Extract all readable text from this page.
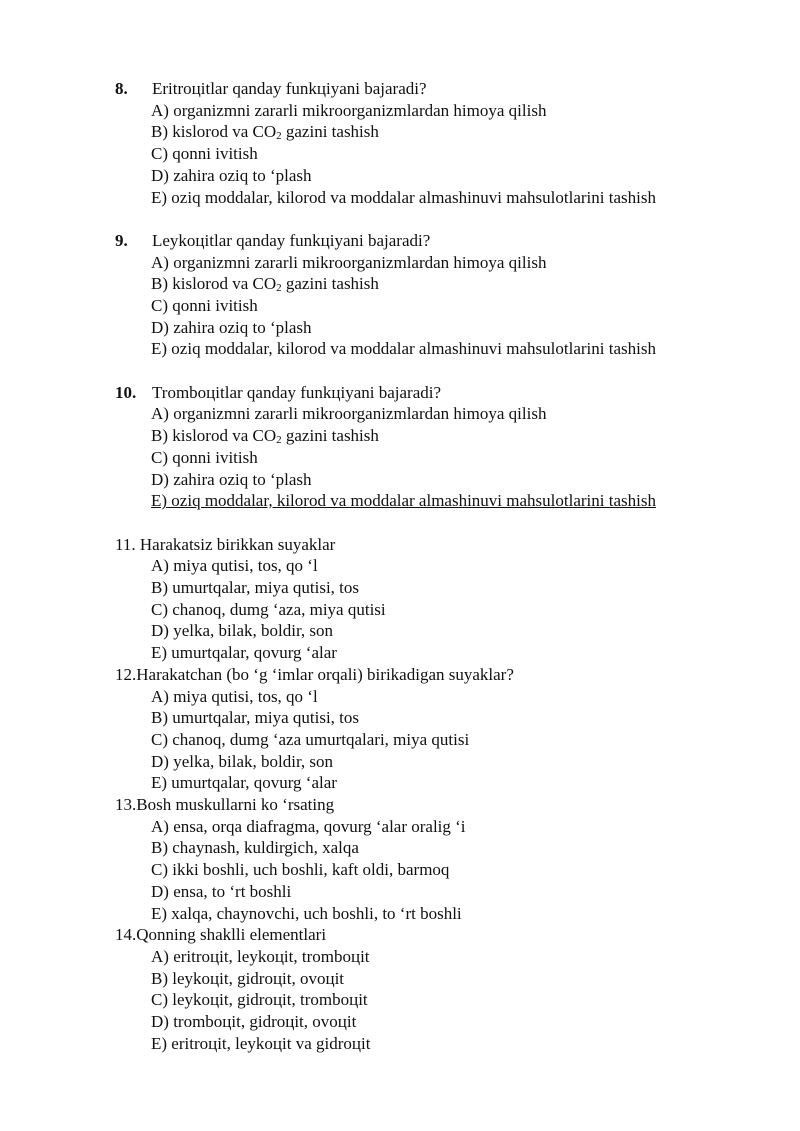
8. Eritroцitlar qanday funkцiyani bajaradi?
A) organizmni zararli mikroorganizmlardan himoya qilish
B) kislorod va $CO_2$ gazini tashish
C) qonni ivitish
D) zahira oziq to ‘plash
E) oziq moddalar, kilorod va moddalar almashinuvi mahsulotlarini tashish
9. Leykoцitlar qanday funkцiyani bajaradi?
A) organizmni zararli mikroorganizmlardan himoya qilish
B) kislorod va $CO_2$ gazini tashish
C) qonni ivitish
D) zahira oziq to ‘plash
E) oziq moddalar, kilorod va moddalar almashinuvi mahsulotlarini tashish
10. Tromboцitlar qanday funkцiyani bajaradi?
A) organizmni zararli mikroorganizmlardan himoya qilish
B) kislorod va $CO_2$ gazini tashish
C) qonni ivitish
D) zahira oziq to ‘plash
E) oziq moddalar, kilorod va moddalar almashinuvi mahsulotlarini tashish
11. Harakatsiz birikkan suyaklar
A) miya qutisi, tos, qo ‘l
B) umurtqalar, miya qutisi, tos
C) chanoq, dumg ‘aza, miya qutisi
D) yelka, bilak, boldir, son
E) umurtqalar, qovurg ‘alar
12.Harakatchan (bo ‘g ‘imlar orqali) birikadigan suyaklar?
A) miya qutisi, tos, qo ‘l
B) umurtqalar, miya qutisi, tos
C) chanoq, dumg ‘aza umurtqalari, miya qutisi
D) yelka, bilak, boldir, son
E) umurtqalar, qovurg ‘alar
13.Bosh muskullarni ko ‘rsating
A) ensa, orqa diafragma, qovurg ‘alar oralig ‘i
B) chaynash, kuldirgich, xalqa
C) ikki boshli, uch boshli, kaft oldi, barmoq
D) ensa, to ‘rt boshli
E) xalqa, chaynovchi, uch boshli, to ‘rt boshli
14.Qonning shaklli elementlari
A) eritroцit, leykoцit, tromboцit
B) leykoцit, gidroцit, ovoцit
C) leykoцit, gidroцit, tromboцit
D) tromboцit, gidroцit, ovoцit
E) eritroцit, leykoцit va gidroцit
